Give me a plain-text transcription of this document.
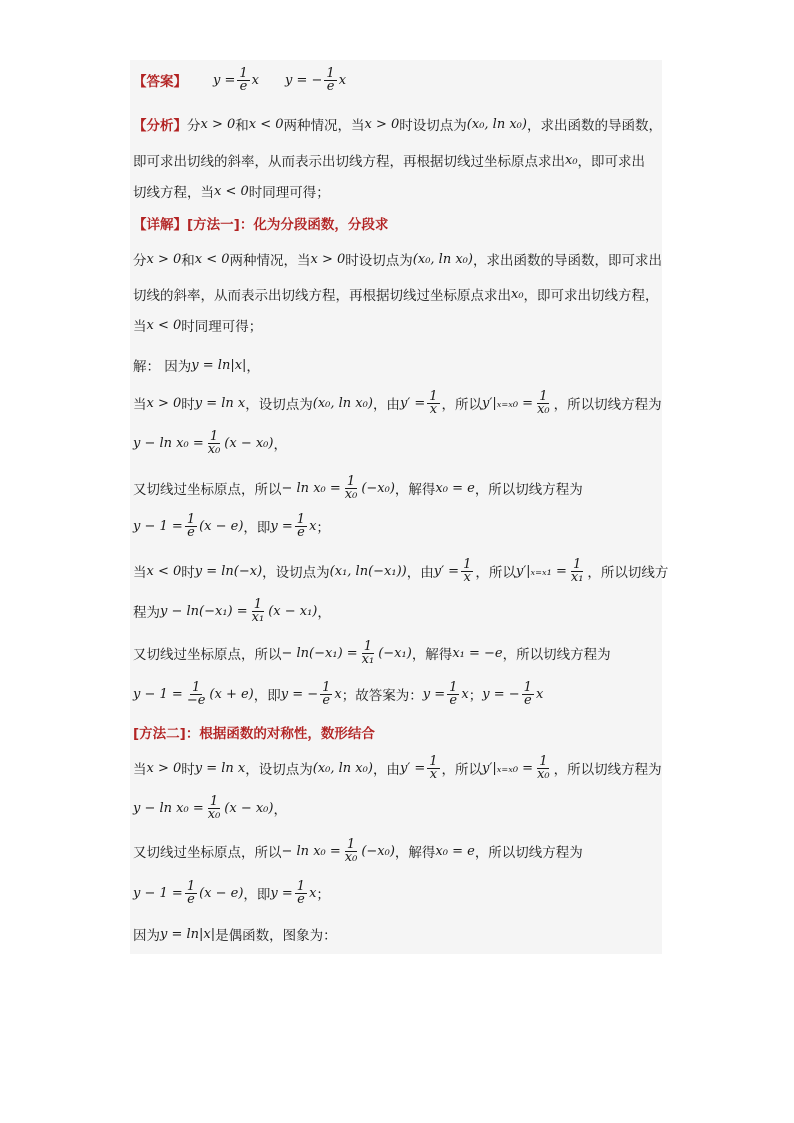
【答案】 $y = \frac{1}{e}$ x y = − $\frac{1}{e}$ x
【分析】 分 x > 0 和 x < 0 两种情况，当 x > 0 时设切点为 (x₀, ln x₀) ，求出函数的导函数，
即可求出切线的斜率，从而表示出切线方程，再根据切线过坐标原点求出 x₀ ，即可求出
切线方程，当 x < 0 时同理可得；
【详解】[方法一]：化为分段函数，分段求
分 x > 0 和 x < 0 两种情况，当 x > 0 时设切点为 (x₀, ln x₀) ，求出函数的导函数，即可求出
切线的斜率，从而表示出切线方程，再根据切线过坐标原点求出 x₀ ，即可求出切线方程，
当 x < 0 时同理可得；
解： 因为 y = ln|x| ，
当 x > 0 时 y = ln x ，设切点为 (x₀, ln x₀) ，由 $y' = \frac{1}{x}$ ，所以 $y'|_{x=x0} = \frac{1}{\text{x₀}}$ ，所以切线方程为
$y - \ln x_0 = \frac{1}{\text{x₀}} (x - x_0)$ ，
又切线过坐标原点，所以 − $\ln x_0 = \frac{1}{\text{x₀}} (-x_0)$ ，解得 x₀ = e ，所以切线方程为
$y - 1 = \frac{1}{e} (x - e)$ ，即 $y = \frac{1}{e}$ x ；
当 x < 0 时 y = ln(−x) ，设切点为 (x₁, ln(−x₁)) ，由 $y' = \frac{1}{x}$ ，所以 $y'|_{x=x1} = \frac{1}{\text{x₁}}$ ，所以切线方
程为 $y - \ln(-x_1) = \frac{1}{\text{x₁}} (x - x_1)$ ，
又切线过坐标原点，所以 − $\ln(-x_1) = \frac{1}{\text{x₁}} (-x_1)$ ，解得 x₁ = −e ，所以切线方程为
$y - 1 = \frac{1}{-e} (x + e)$ ，即 y = − $\frac{1}{e}$ x ；故答案为： $y = \frac{1}{e}$ x ； y = − $\frac{1}{e}$ x
[方法二]：根据函数的对称性，数形结合
当 x > 0 时 y = ln x ，设切点为 (x₀, ln x₀) ，由 $y' = \frac{1}{x}$ ，所以 $y'|_{x=x0} = \frac{1}{\text{x₀}}$ ，所以切线方程为
$y - \ln x_0 = \frac{1}{\text{x₀}} (x - x_0)$ ，
又切线过坐标原点，所以 − $\ln x_0 = \frac{1}{\text{x₀}} (-x_0)$ ，解得 x₀ = e ，所以切线方程为
$y - 1 = \frac{1}{e} (x - e)$ ，即 $y = \frac{1}{e}$ x ；
因为 y = ln|x| 是偶函数，图象为：
